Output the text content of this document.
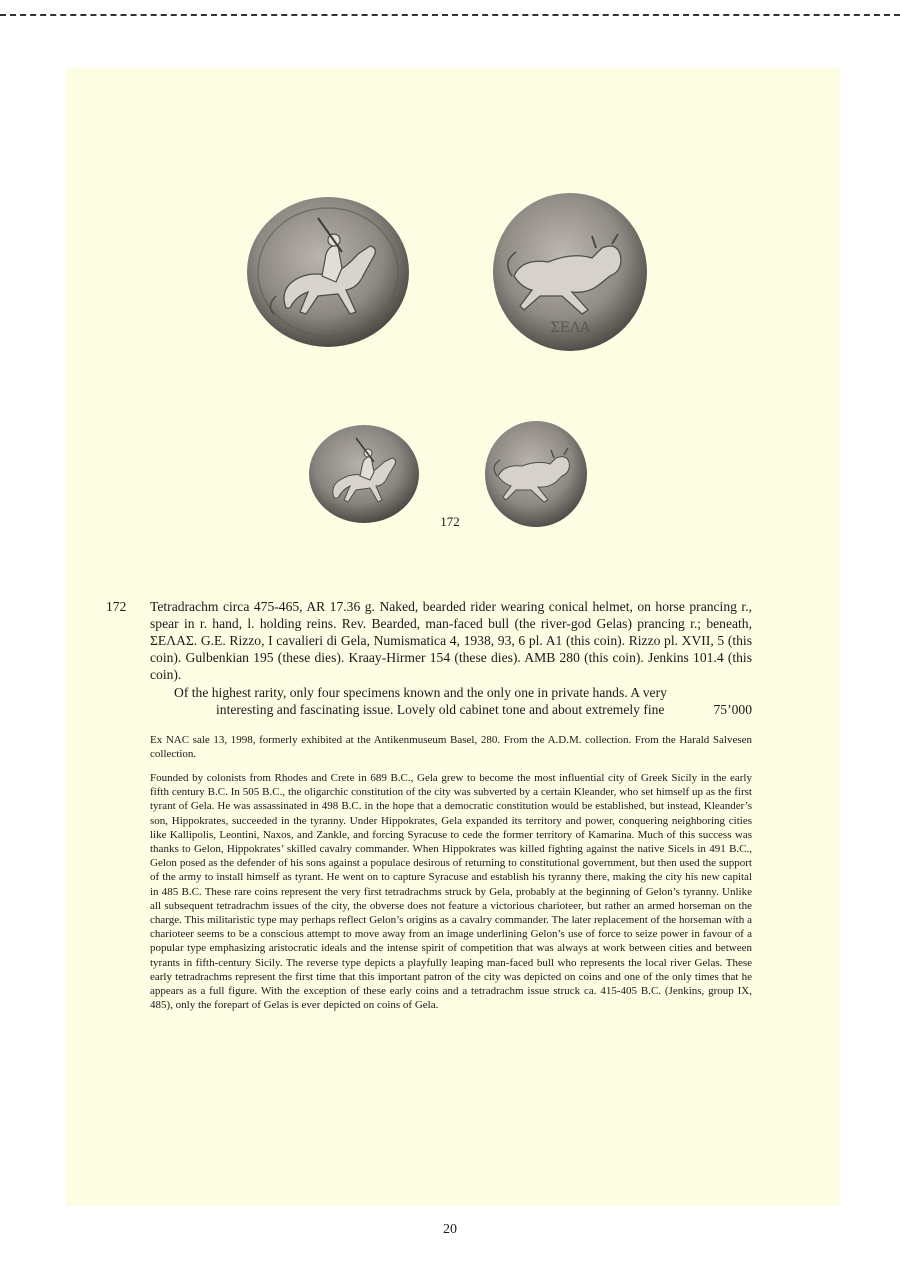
ΣΕΛΑ
172
172 Tetradrachm circa 475-465, AR 17.36 g. Naked, bearded rider wearing conical helmet, on horse prancing r., spear in r. hand, l. holding reins. Rev. Bearded, man-faced bull (the river-god Gelas) prancing r.; beneath, ΣΕΛΑΣ. G.E. Rizzo, I cavalieri di Gela, Numismatica 4, 1938, 93, 6 pl. A1 (this coin). Rizzo pl. XVII, 5 (this coin). Gulbenkian 195 (these dies). Kraay-Hirmer 154 (these dies). AMB 280 (this coin). Jenkins 101.4 (this coin).
Of the highest rarity, only four specimens known and the only one in private hands. A very
interesting and fascinating issue. Lovely old cabinet tone and about extremely fine	75’000
Ex NAC sale 13, 1998, formerly exhibited at the Antikenmuseum Basel, 280. From the A.D.M. collection. From the Harald Salvesen collection.
Founded by colonists from Rhodes and Crete in 689 B.C., Gela grew to become the most influential city of Greek Sicily in the early fifth century B.C. In 505 B.C., the oligarchic constitution of the city was subverted by a certain Kleander, who set himself up as the first tyrant of Gela. He was assassinated in 498 B.C. in the hope that a democratic constitution would be established, but instead, Kleander’s son, Hippokrates, succeeded in the tyranny. Under Hippokrates, Gela expanded its territory and power, conquering neighboring cities like Kallipolis, Leontini, Naxos, and Zankle, and forcing Syracuse to cede the former territory of Kamarina. Much of this success was thanks to Gelon, Hippokrates’ skilled cavalry commander. When Hippokrates was killed fighting against the native Sicels in 491 B.C., Gelon posed as the defender of his sons against a populace desirous of returning to constitutional government, but then used the support of the army to install himself as tyrant. He went on to capture Syracuse and establish his tyranny there, making the city his new capital in 485 B.C. These rare coins represent the very first tetradrachms struck by Gela, probably at the beginning of Gelon’s tyranny. Unlike all subsequent tetradrachm issues of the city, the obverse does not feature a victorious charioteer, but rather an armed horseman on the charge. This militaristic type may perhaps reflect Gelon’s origins as a cavalry commander. The later replacement of the horseman with a charioteer seems to be a conscious attempt to move away from an image underlining Gelon’s use of force to seize power in favour of a popular type emphasizing aristocratic ideals and the intense spirit of competition that was always at work between cities and between tyrants in fifth-century Sicily. The reverse type depicts a playfully leaping man-faced bull who represents the local river Gelas. These early tetradrachms represent the first time that this important patron of the city was depicted on coins and one of the only times that he appears as a full figure. With the exception of these early coins and a tetradrachm issue struck ca. 415-405 B.C. (Jenkins, group IX, 485), only the forepart of Gelas is ever depicted on coins of Gela.
20
